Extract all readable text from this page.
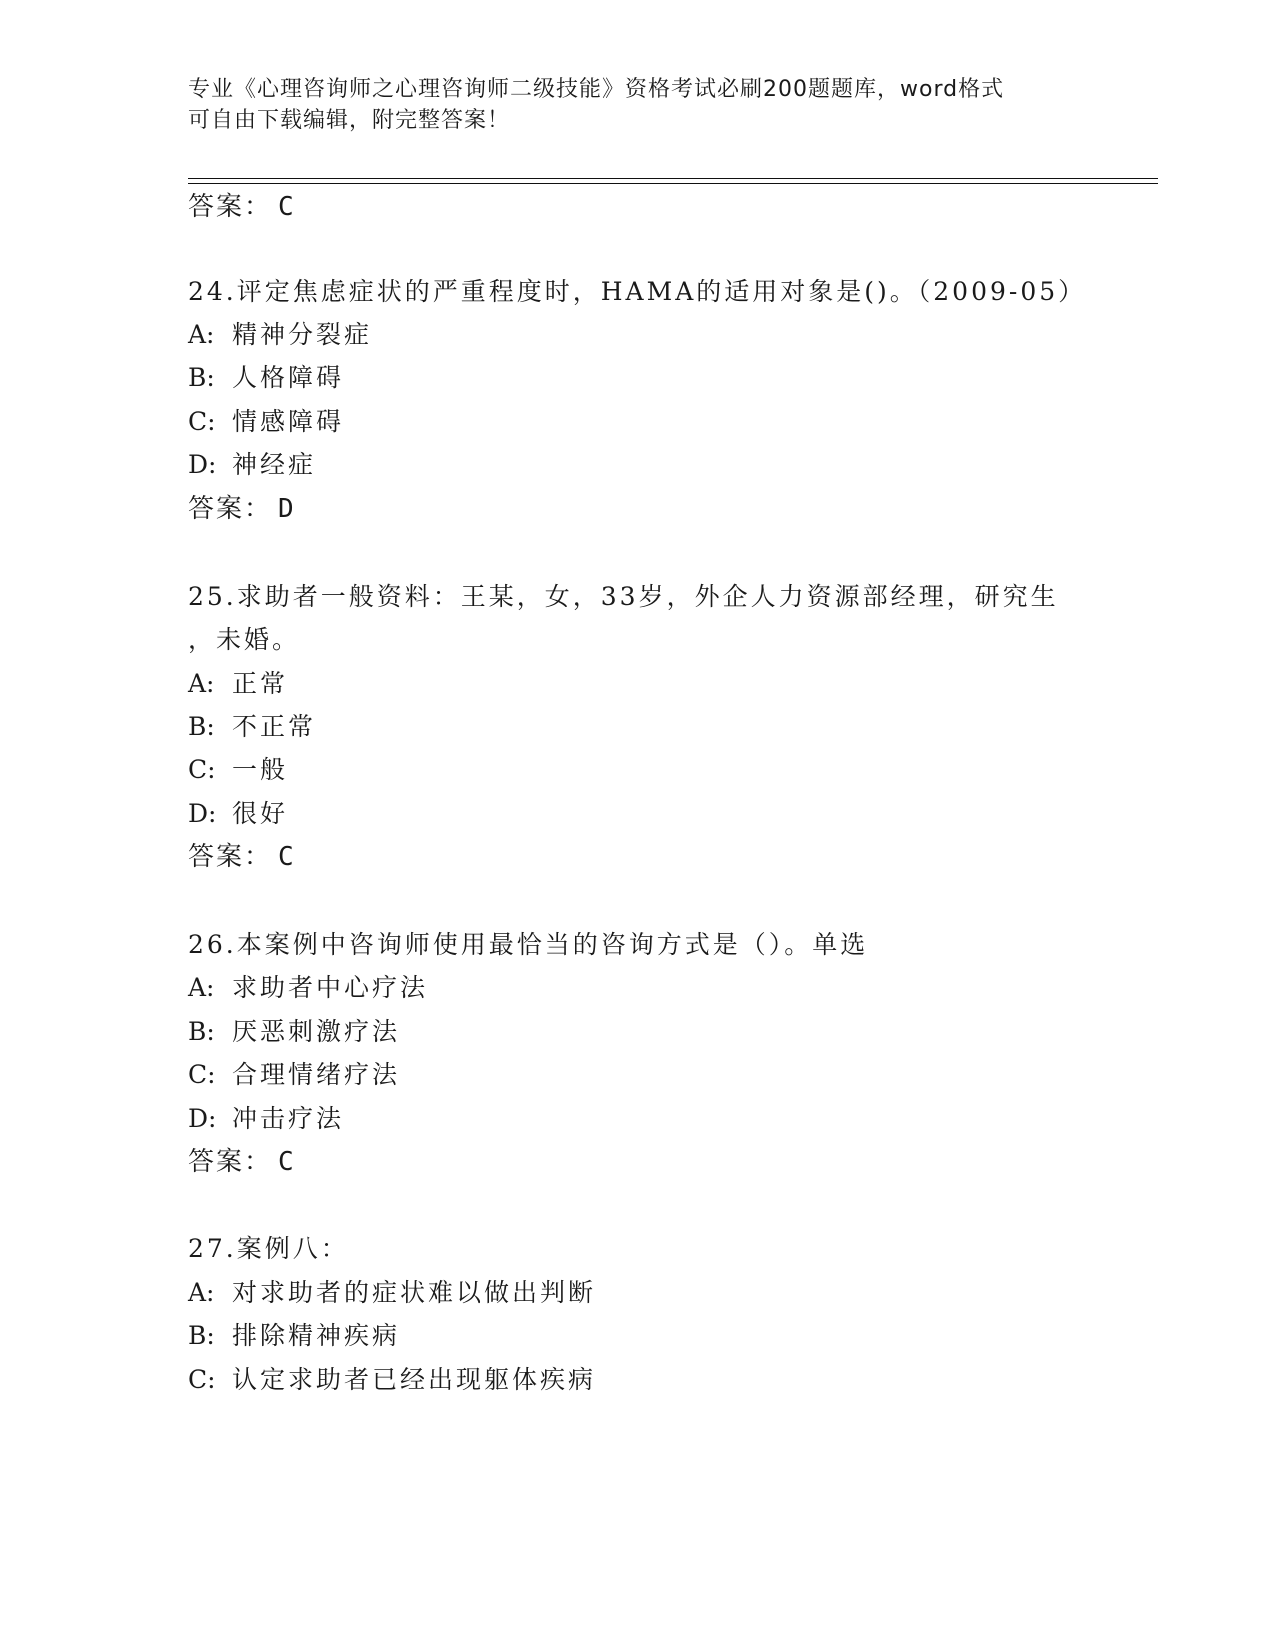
专业《心理咨询师之心理咨询师二级技能》资格考试必刷200题题库，word格式
可自由下载编辑，附完整答案！
答案： C
24.评定焦虑症状的严重程度时，HAMA的适用对象是()。（2009-05）
A: 精神分裂症
B: 人格障碍
C: 情感障碍
D: 神经症
答案： D
25.求助者一般资料：王某，女，33岁，外企人力资源部经理，研究生
，未婚。
A: 正常
B: 不正常
C: 一般
D: 很好
答案： C
26.本案例中咨询师使用最恰当的咨询方式是（）。单选
A: 求助者中心疗法
B: 厌恶刺激疗法
C: 合理情绪疗法
D: 冲击疗法
答案： C
27.案例八：
A: 对求助者的症状难以做出判断
B: 排除精神疾病
C: 认定求助者已经出现躯体疾病
